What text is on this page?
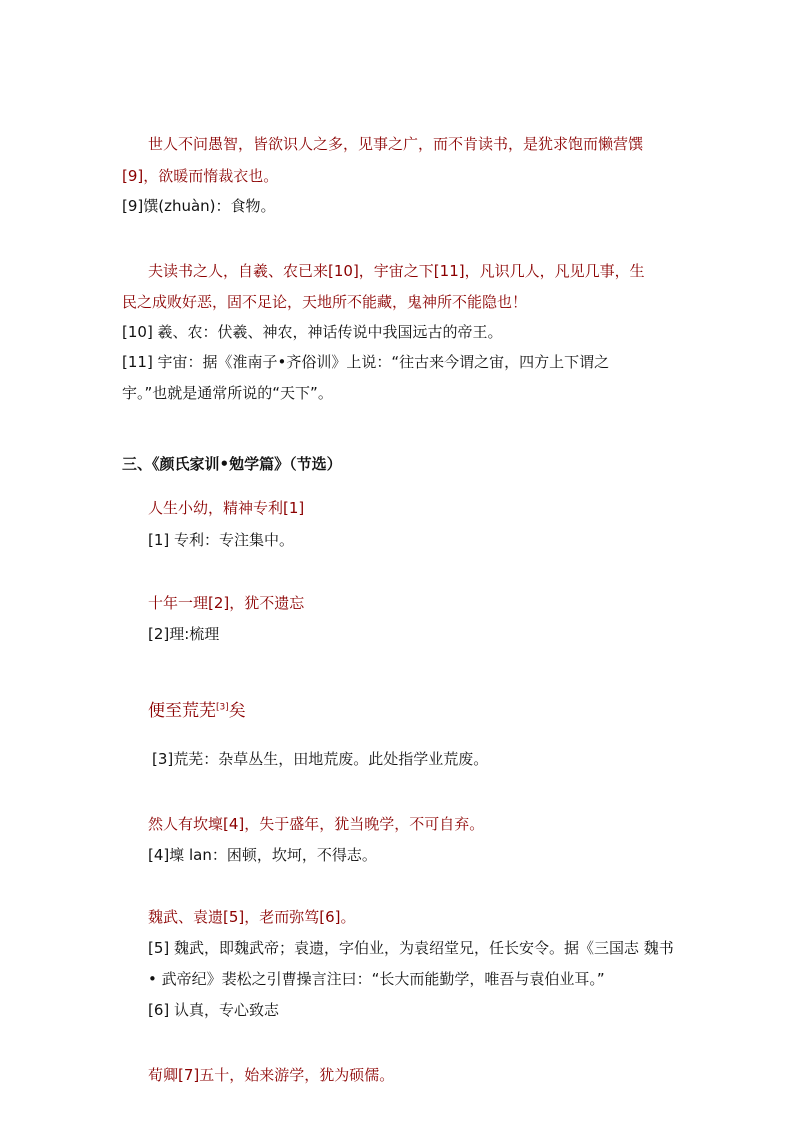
世人不问愚智，皆欲识人之多，见事之广，而不肯读书，是犹求饱而懒营馔
[9]，欲暖而惰裁衣也。
[9]馔(zhuàn)：食物。
夫读书之人，自羲、农已来[10]，宇宙之下[11]，凡识几人，凡见几事，生
民之成败好恶，固不足论，天地所不能藏，鬼神所不能隐也！
[10] 羲、农：伏羲、神农，神话传说中我国远古的帝王。
[11] 宇宙：据《淮南子•齐俗训》上说：“往古来今谓之宙，四方上下谓之
宇。”也就是通常所说的“天下”。
三、《颜氏家训•勉学篇》（节选）
人生小幼，精神专利[1]
[1] 专利：专注集中。
十年一理[2]，犹不遗忘
[2]理:梳理
便至荒芜[3]矣
[3]荒芜：杂草丛生，田地荒废。此处指学业荒废。
然人有坎壈[4]，失于盛年，犹当晚学，不可自弃。
[4]壈 lan：困顿，坎坷，不得志。
魏武、袁遗[5]，老而弥笃[6]。
[5] 魏武，即魏武帝；袁遗，字伯业，为袁绍堂兄，任长安令。据《三国志 魏书
• 武帝纪》裴松之引曹操言注曰：“长大而能勤学，唯吾与袁伯业耳。”
[6] 认真，专心致志
荀卿[7]五十，始来游学，犹为硕儒。
